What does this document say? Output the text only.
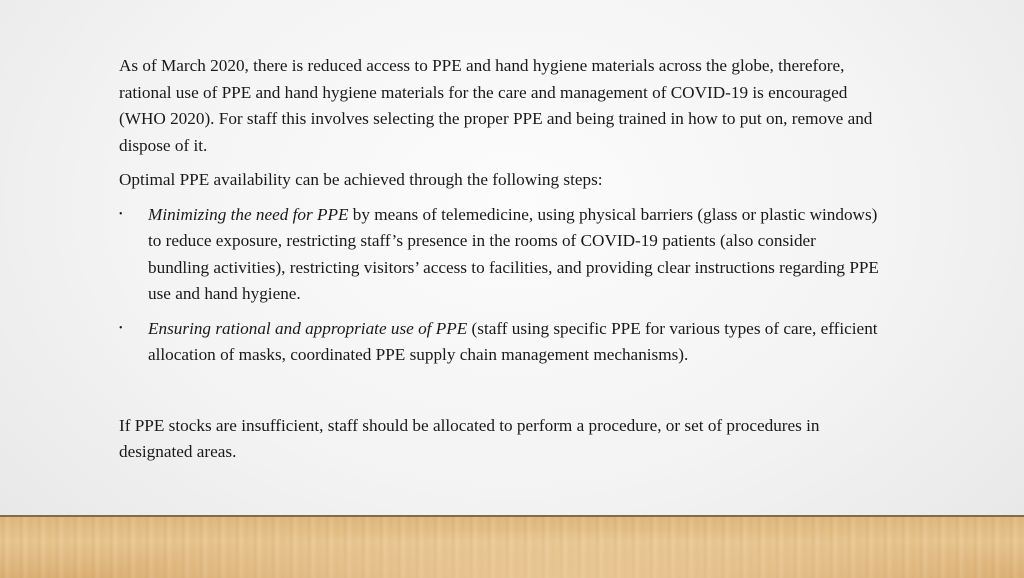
As of March 2020, there is reduced access to PPE and hand hygiene materials across the globe, therefore, rational use of PPE and hand hygiene materials for the care and management of COVID-19 is encouraged (WHO 2020). For staff this involves selecting the proper PPE and being trained in how to put on, remove and dispose of it.

Optimal PPE availability can be achieved through the following steps:

• Minimizing the need for PPE by means of telemedicine, using physical barriers (glass or plastic windows) to reduce exposure, restricting staff’s presence in the rooms of COVID-19 patients (also consider bundling activities), restricting visitors’ access to facilities, and providing clear instructions regarding PPE use and hand hygiene.
• Ensuring rational and appropriate use of PPE (staff using specific PPE for various types of care, efficient allocation of masks, coordinated PPE supply chain management mechanisms).

If PPE stocks are insufficient, staff should be allocated to perform a procedure, or set of procedures in designated areas.
